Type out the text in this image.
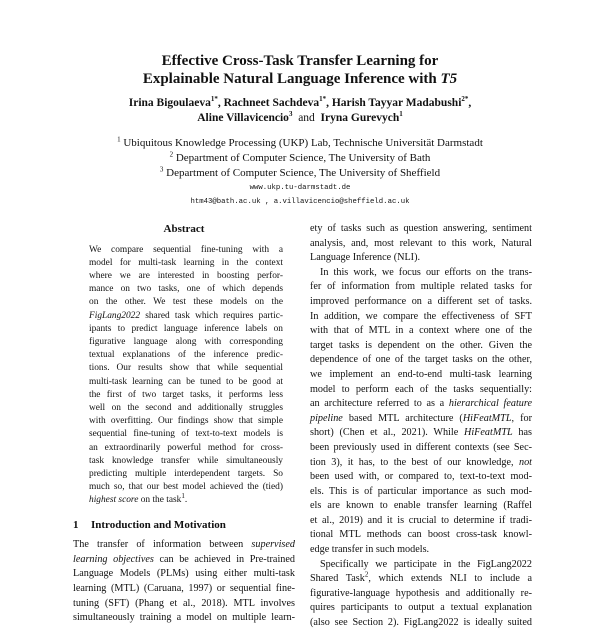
Effective Cross-Task Transfer Learning for
Explainable Natural Language Inference with T5
Irina Bigoulaeva$^{1*}$, Rachneet Sachdeva$^{1*}$, Harish Tayyar Madabushi$^{2*}$,
Aline Villavicencio$^3$ and Iryna Gurevych$^1$
$^1$ Ubiquitous Knowledge Processing (UKP) Lab, Technische Universität Darmstadt
$^2$ Department of Computer Science, The University of Bath
$^3$ Department of Computer Science, The University of Sheffield
www.ukp.tu-darmstadt.de
htm43@bath.ac.uk , a.villavicencio@sheffield.ac.uk
Abstract
We compare sequential fine-tuning with a
model for multi-task learning in the context
where we are interested in boosting perfor-
mance on two tasks, one of which depends
on the other. We test these models on the
FigLang2022 shared task which requires partic-
ipants to predict language inference labels on
figurative language along with corresponding
textual explanations of the inference predic-
tions. Our results show that while sequential
multi-task learning can be tuned to be good at
the first of two target tasks, it performs less
well on the second and additionally struggles
with overfitting. Our findings show that simple
sequential fine-tuning of text-to-text models is
an extraordinarily powerful method for cross-
task knowledge transfer while simultaneously
predicting multiple interdependent targets. So
much so, that our best model achieved the (tied)
highest score on the task$^1$.
1 Introduction and Motivation
The transfer of information between supervised
learning objectives can be achieved in Pre-trained
Language Models (PLMs) using either multi-task
learning (MTL) (Caruana, 1997) or sequential fine-
tuning (SFT) (Phang et al., 2018). MTL involves
simultaneously training a model on multiple learn-
ety of tasks such as question answering, sentiment
analysis, and, most relevant to this work, Natural
Language Inference (NLI).
In this work, we focus our efforts on the trans-
fer of information from multiple related tasks for
improved performance on a different set of tasks.
In addition, we compare the effectiveness of SFT
with that of MTL in a context where one of the
target tasks is dependent on the other. Given the
dependence of one of the target tasks on the other,
we implement an end-to-end multi-task learning
model to perform each of the tasks sequentially:
an architecture referred to as a hierarchical feature
pipeline based MTL architecture (HiFeatMTL, for
short) (Chen et al., 2021). While HiFeatMTL has
been previously used in different contexts (see Sec-
tion 3), it has, to the best of our knowledge, not
been used with, or compared to, text-to-text mod-
els. This is of particular importance as such mod-
els are known to enable transfer learning (Raffel
et al., 2019) and it is crucial to determine if tradi-
tional MTL methods can boost cross-task knowl-
edge transfer in such models.
Specifically we participate in the FigLang2022
Shared Task$^2$, which extends NLI to include a
figurative-language hypothesis and additionally re-
quires participants to output a textual explanation
(also see Section 2). FigLang2022 is ideally suited
